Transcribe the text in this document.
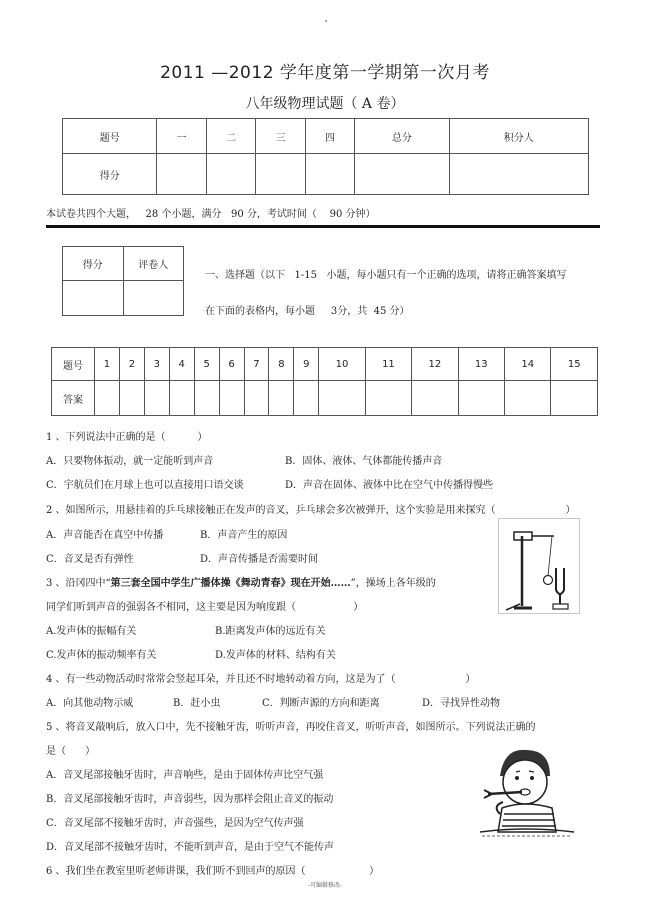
2011 —2012 学年度第一学期第一次月考
八年级物理试题（ A 卷）
题号	一	二	三	四	总分	积分人
得分						
本试卷共四个大题，   28 个小题，满分   90 分，考试时间（    90 分钟）
得分	评卷人

一、选择题（以下   1-15   小题，每小题只有一个正确的选项，请将正确答案填写
在下面的表格内，每小题     3分，共  45 分）
题号	1	2	3	4	5	6	7	8	9	10	11	12	13	14	15
答案															
1 、下列说法中正确的是（          ）
A．只要物体振动，就一定能听到声音	B．固体、液体、气体都能传播声音
C．宇航员们在月球上也可以直接用口语交谈	D．声音在固体、液体中比在空气中传播得慢些
2 、如图所示，用悬挂着的乒乓球接触正在发声的音叉，乒乓球会多次被弹开，这个实验是用来探究（                      ）
A．声音能否在真空中传播	B．声音产生的原因
C．音叉是否有弹性	D．声音传播是否需要时间
3 、沿冈四中“第三套全国中学生广播体操《舞动青春》现在开始……”，操场上各年级的
同学们听到声音的强弱各不相同，这主要是因为响度跟（                  ）
A.发声体的振幅有关	B.距离发声体的远近有关
C.发声体的振动频率有关	D.发声体的材料、结构有关
4 、有一些动物活动时常常会竖起耳朵，并且还不时地转动着方向，这是为了（                      ）
A．向其他动物示威	B．赶小虫	C．判断声源的方向和距离	D．寻找异性动物
5 、将音叉敲响后，放入口中，先不接触牙齿，听听声音，再咬住音叉，听听声音，如图所示。下列说法正确的
是（      ）
A．音叉尾部接触牙齿时，声音响些，是由于固体传声比空气强
B．音叉尾部接触牙齿时，声音弱些，因为那样会阻止音叉的振动
C．音叉尾部不接触牙齿时，声音强些，是因为空气传声强
D．音叉尾部不接触牙齿时，不能听到声音，是由于空气不能传声
6 、我们坐在教室里听老师讲课，我们听不到回声的原因（                    ）
-可编辑修改-
